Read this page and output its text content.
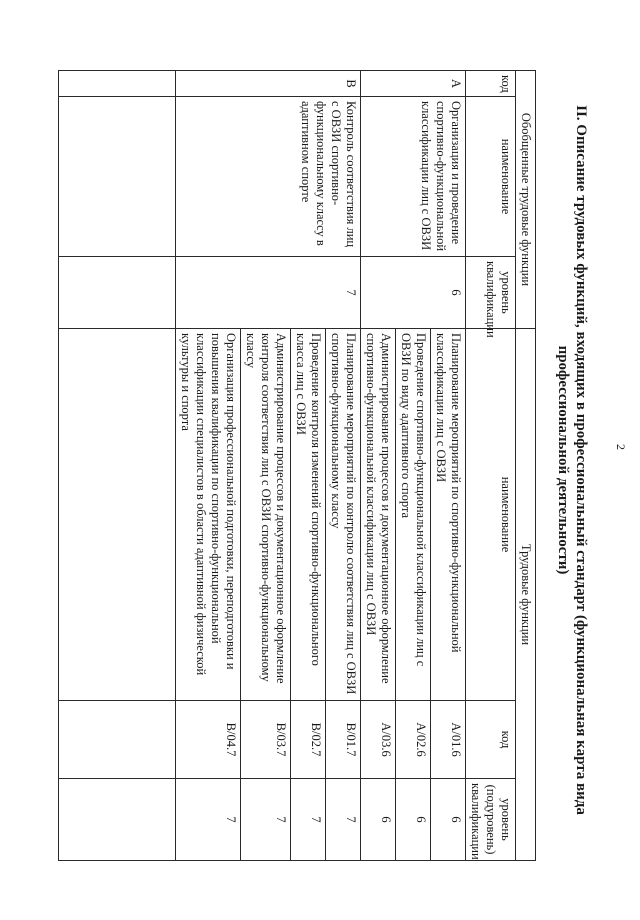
2
II. Описание трудовых функций, входящих в профессиональный стандарт (функциональная карта вида профессиональной деятельности)
Обобщенные трудовые функции			Трудовые функции		
код	наименование	уровень квалификации	наименование	код	уровень (подуровень) квалификации
А	Организация и проведение спортивно-функциональной классификации лиц с ОВЗИ	6	Планирование мероприятий по спортивно-функциональной классификации лиц с ОВЗИ	А/01.6	6
			Проведение спортивно-функциональной классификации лиц с ОВЗИ по виду адаптивного спорта	А/02.6	6
			Администрирование процессов и документационное оформление спортивно-функциональной классификации лиц с ОВЗИ	А/03.6	6
В	Контроль соответствия лиц с ОВЗИ спортивно-функциональному классу в адаптивном спорте	7	Планирование мероприятий по контролю соответствия лиц с ОВЗИ спортивно-функциональному классу	В/01.7	7
			Проведение контроля изменений спортивно-функционального класса лиц с ОВЗИ	В/02.7	7
			Администрирование процессов и документационное оформление контроля соответствия лиц с ОВЗИ спортивно-функциональному классу	В/03.7	7
			Организация профессиональной подготовки, переподготовки и повышения квалификации по спортивно-функциональной классификации специалистов в области адаптивной физической культуры и спорта	В/04.7	7
